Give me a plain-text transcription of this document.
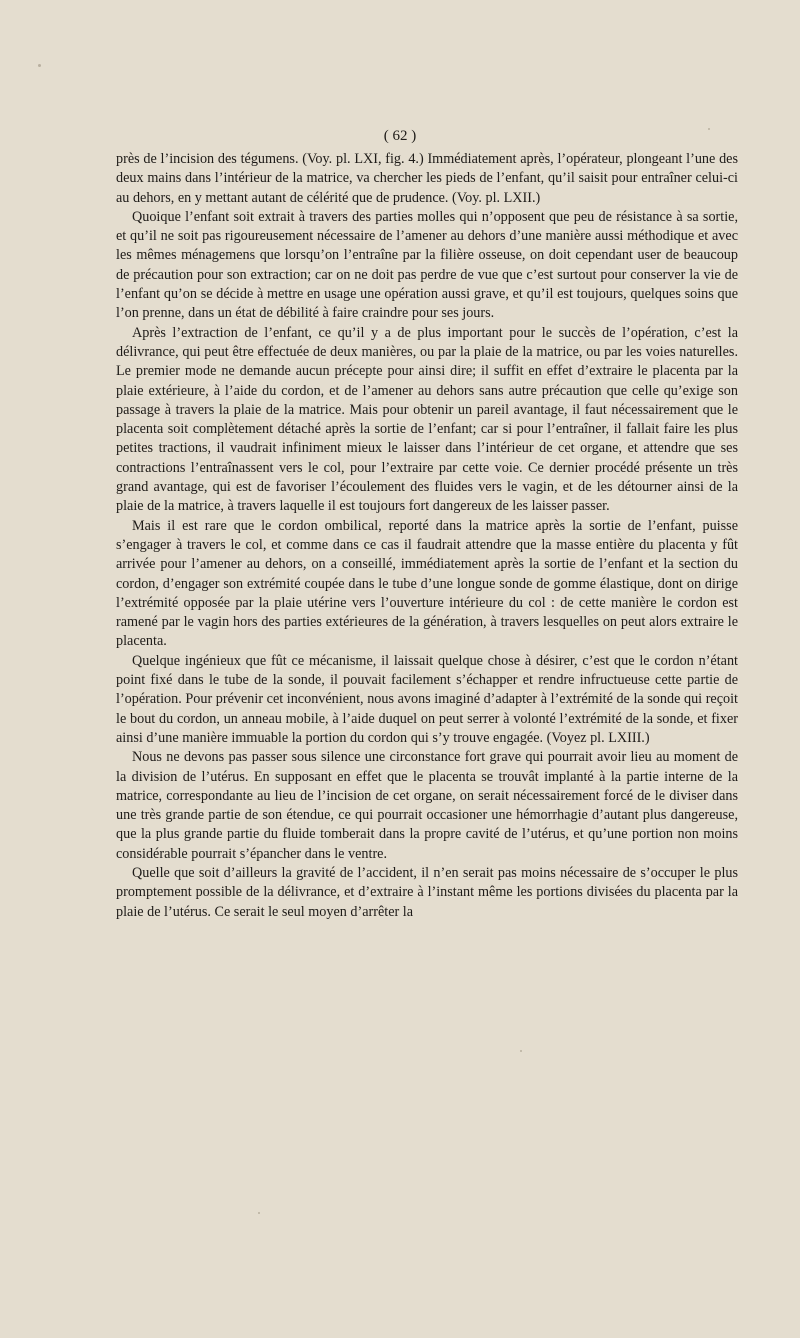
( 62 )

près de l’incision des tégumens. (Voy. pl. LXI, fig. 4.) Immédiatement après, l’opérateur, plongeant l’une des deux mains dans l’intérieur de la matrice, va chercher les pieds de l’enfant, qu’il saisit pour entraîner celui-ci au dehors, en y mettant autant de célérité que de prudence. (Voy. pl. LXII.)

Quoique l’enfant soit extrait à travers des parties molles qui n’opposent que peu de résistance à sa sortie, et qu’il ne soit pas rigoureusement nécessaire de l’amener au dehors d’une manière aussi méthodique et avec les mêmes ménagemens que lorsqu’on l’entraîne par la filière osseuse, on doit cependant user de beaucoup de précaution pour son extraction; car on ne doit pas perdre de vue que c’est surtout pour conserver la vie de l’enfant qu’on se décide à mettre en usage une opération aussi grave, et qu’il est toujours, quelques soins que l’on prenne, dans un état de débilité à faire craindre pour ses jours.

Après l’extraction de l’enfant, ce qu’il y a de plus important pour le succès de l’opération, c’est la délivrance, qui peut être effectuée de deux manières, ou par la plaie de la matrice, ou par les voies naturelles. Le premier mode ne demande aucun précepte pour ainsi dire; il suffit en effet d’extraire le placenta par la plaie extérieure, à l’aide du cordon, et de l’amener au dehors sans autre précaution que celle qu’exige son passage à travers la plaie de la matrice. Mais pour obtenir un pareil avantage, il faut nécessairement que le placenta soit complètement détaché après la sortie de l’enfant; car si pour l’entraîner, il fallait faire les plus petites tractions, il vaudrait infiniment mieux le laisser dans l’intérieur de cet organe, et attendre que ses contractions l’entraînassent vers le col, pour l’extraire par cette voie. Ce dernier procédé présente un très grand avantage, qui est de favoriser l’écoulement des fluides vers le vagin, et de les détourner ainsi de la plaie de la matrice, à travers laquelle il est toujours fort dangereux de les laisser passer.

Mais il est rare que le cordon ombilical, reporté dans la matrice après la sortie de l’enfant, puisse s’engager à travers le col, et comme dans ce cas il faudrait attendre que la masse entière du placenta y fût arrivée pour l’amener au dehors, on a conseillé, immédiatement après la sortie de l’enfant et la section du cordon, d’engager son extrémité coupée dans le tube d’une longue sonde de gomme élastique, dont on dirige l’extrémité opposée par la plaie utérine vers l’ouverture intérieure du col : de cette manière le cordon est ramené par le vagin hors des parties extérieures de la génération, à travers lesquelles on peut alors extraire le placenta.

Quelque ingénieux que fût ce mécanisme, il laissait quelque chose à désirer, c’est que le cordon n’étant point fixé dans le tube de la sonde, il pouvait facilement s’échapper et rendre infructueuse cette partie de l’opération. Pour prévenir cet inconvénient, nous avons imaginé d’adapter à l’extrémité de la sonde qui reçoit le bout du cordon, un anneau mobile, à l’aide duquel on peut serrer à volonté l’extrémité de la sonde, et fixer ainsi d’une manière immuable la portion du cordon qui s’y trouve engagée. (Voyez pl. LXIII.)

Nous ne devons pas passer sous silence une circonstance fort grave qui pourrait avoir lieu au moment de la division de l’utérus. En supposant en effet que le placenta se trouvât implanté à la partie interne de la matrice, correspondante au lieu de l’incision de cet organe, on serait nécessairement forcé de le diviser dans une très grande partie de son étendue, ce qui pourrait occasioner une hémorrhagie d’autant plus dangereuse, que la plus grande partie du fluide tomberait dans la propre cavité de l’utérus, et qu’une portion non moins considérable pourrait s’épancher dans le ventre.

Quelle que soit d’ailleurs la gravité de l’accident, il n’en serait pas moins nécessaire de s’occuper le plus promptement possible de la délivrance, et d’extraire à l’instant même les portions divisées du placenta par la plaie de l’utérus. Ce serait le seul moyen d’arrêter la
